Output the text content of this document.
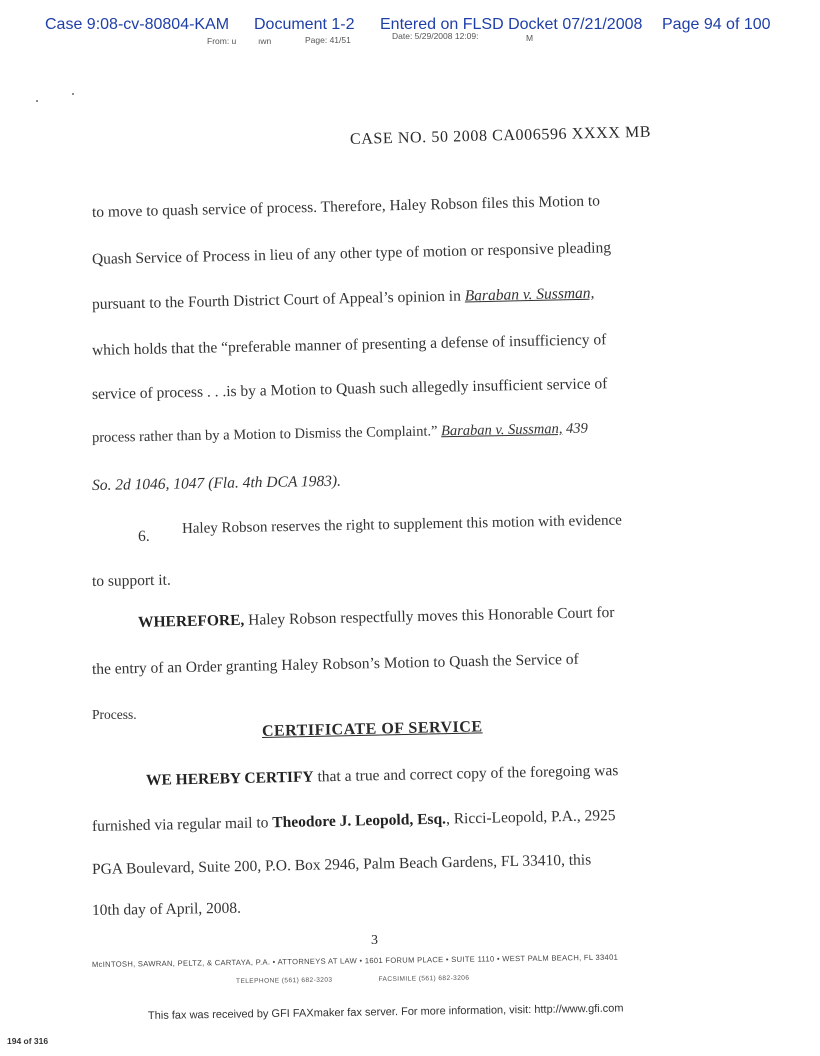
Case 9:08-cv-80804-KAM Document 1-2 Entered on FLSD Docket 07/21/2008 Page 94 of 100
From: u	ıwn	Page: 41/51	Date: 5/29/2008 12:09:	M
CASE NO. 50 2008 CA006596 XXXX MB
to move to quash service of process. Therefore, Haley Robson files this Motion to
Quash Service of Process in lieu of any other type of motion or responsive pleading
pursuant to the Fourth District Court of Appeal’s opinion in Baraban v. Sussman,
which holds that the “preferable manner of presenting a defense of insufficiency of
service of process . . .is by a Motion to Quash such allegedly insufficient service of
process rather than by a Motion to Dismiss the Complaint.” Baraban v. Sussman, 439
So. 2d 1046, 1047 (Fla. 4th DCA 1983).
6. Haley Robson reserves the right to supplement this motion with evidence
to support it.
WHEREFORE, Haley Robson respectfully moves this Honorable Court for
the entry of an Order granting Haley Robson’s Motion to Quash the Service of
Process.
CERTIFICATE OF SERVICE
WE HEREBY CERTIFY that a true and correct copy of the foregoing was
furnished via regular mail to Theodore J. Leopold, Esq., Ricci-Leopold, P.A., 2925
PGA Boulevard, Suite 200, P.O. Box 2946, Palm Beach Gardens, FL 33410, this
10th day of April, 2008.
3
McINTOSH, SAWRAN, PELTZ, & CARTAYA, P.A. • ATTORNEYS AT LAW • 1601 FORUM PLACE • SUITE 1110 • WEST PALM BEACH, FL 33401
TELEPHONE (561) 682-3203	FACSIMILE (561) 682-3206
This fax was received by GFI FAXmaker fax server. For more information, visit: http://www.gfi.com
194 of 316
